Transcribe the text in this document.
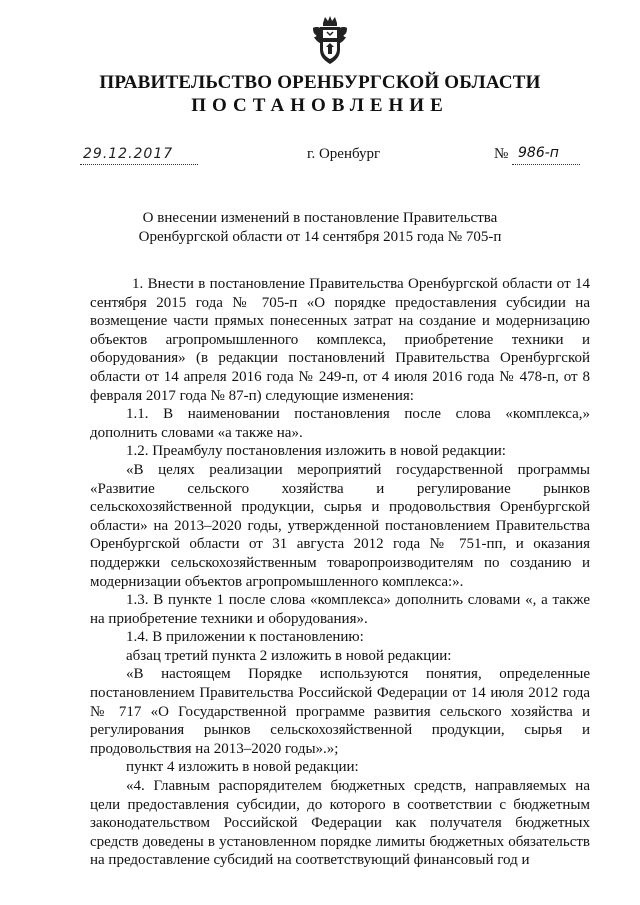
ПРАВИТЕЛЬСТВО ОРЕНБУРГСКОЙ ОБЛАСТИ
ПОСТАНОВЛЕНИЕ
29.12.2017	г. Оренбург	№ 986-п
О внесении изменений в постановление Правительства Оренбургской области от 14 сентября 2015 года № 705-п

1. Внести в постановление Правительства Оренбургской области от 14 сентября 2015 года № 705-п «О порядке предоставления субсидии на возмещение части прямых понесенных затрат на создание и модернизацию объектов агропромышленного комплекса, приобретение техники и оборудования» (в редакции постановлений Правительства Оренбургской области от 14 апреля 2016 года № 249-п, от 4 июля 2016 года № 478-п, от 8 февраля 2017 года № 87-п) следующие изменения:

1.1. В наименовании постановления после слова «комплекса,» дополнить словами «а также на».

1.2. Преамбулу постановления изложить в новой редакции:

«В целях реализации мероприятий государственной программы «Развитие сельского хозяйства и регулирование рынков сельскохозяйственной продукции, сырья и продовольствия Оренбургской области» на 2013–2020 годы, утвержденной постановлением Правительства Оренбургской области от 31 августа 2012 года № 751-пп, и оказания поддержки сельскохозяйственным товаропроизводителям по созданию и модернизации объектов агропромышленного комплекса:».

1.3. В пункте 1 после слова «комплекса» дополнить словами «, а также на приобретение техники и оборудования».

1.4. В приложении к постановлению:

абзац третий пункта 2 изложить в новой редакции:

«В настоящем Порядке используются понятия, определенные постановлением Правительства Российской Федерации от 14 июля 2012 года № 717 «О Государственной программе развития сельского хозяйства и регулирования рынков сельскохозяйственной продукции, сырья и продовольствия на 2013–2020 годы».»;

пункт 4 изложить в новой редакции:

«4. Главным распорядителем бюджетных средств, направляемых на цели предоставления субсидии, до которого в соответствии с бюджетным законодательством Российской Федерации как получателя бюджетных средств доведены в установленном порядке лимиты бюджетных обязательств на предоставление субсидий на соответствующий финансовый год и
